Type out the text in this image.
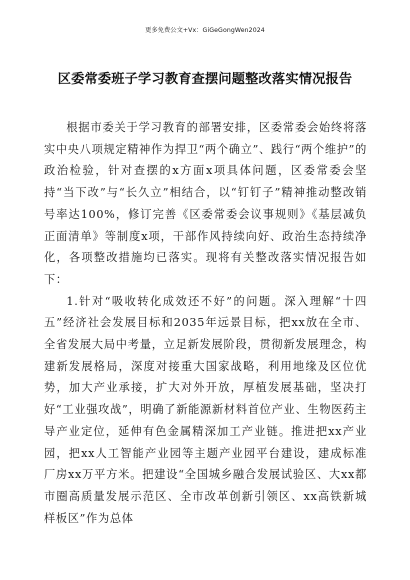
更多免费公文+Vx：GiGeGongWen2024
区委常委班子学习教育查摆问题整改落实情况报告

根据市委关于学习教育的部署安排，区委常委会始终将落实中央八项规定精神作为捍卫“两个确立”、践行“两个维护”的政治检验，针对查摆的x方面x项具体问题，区委常委会坚持“当下改”与“长久立”相结合，以“钉钉子”精神推动整改销号率达100%，修订完善《区委常委会议事规则》《基层减负正面清单》等制度x项，干部作风持续向好、政治生态持续净化，各项整改措施均已落实。现将有关整改落实情况报告如下：

1.针对“吸收转化成效还不好”的问题。深入理解“十四五”经济社会发展目标和2035年远景目标，把xx放在全市、全省发展大局中考量，立足新发展阶段，贯彻新发展理念，构建新发展格局，深度对接重大国家战略，利用地缘及区位优势，加大产业承接，扩大对外开放，厚植发展基础，坚决打好“工业强攻战”，明确了新能源新材料首位产业、生物医药主导产业定位，延伸有色金属精深加工产业链。推进把xx产业园，把xx人工智能产业园等主题产业园平台建设，建成标准厂房xx万平方米。把建设“全国城乡融合发展试验区、大xx都市圈高质量发展示范区、全市改革创新引领区、xx高铁新城样板区”作为总体
